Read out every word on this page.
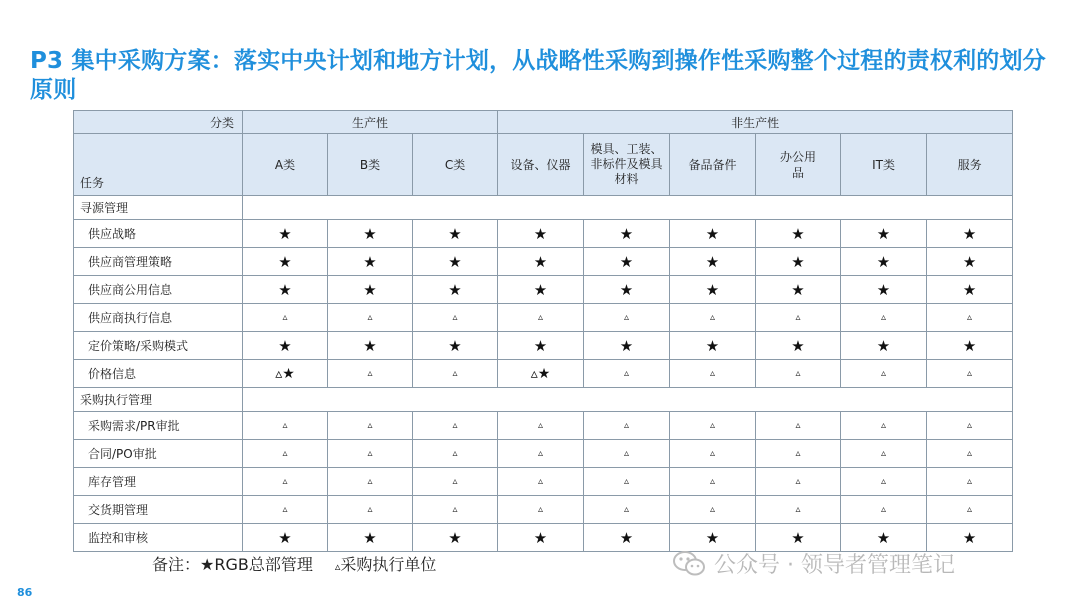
P3 集中采购方案：落实中央计划和地方计划，从战略性采购到操作性采购整个过程的责权利的划分原则
分类	生产性			非生产性					
任务	A类	B类	C类	设备、仪器	模具、工装、非标件及模具材料	备品备件	办公用品	IT类	服务
寻源管理									
供应战略	★	★	★	★	★	★	★	★	★
供应商管理策略	★	★	★	★	★	★	★	★	★
供应商公用信息	★	★	★	★	★	★	★	★	★
供应商执行信息	▵	▵	▵	▵	▵	▵	▵	▵	▵
定价策略/采购模式	★	★	★	★	★	★	★	★	★
价格信息	▵★	▵	▵	▵★	▵	▵	▵	▵	▵
采购执行管理									
采购需求/PR审批	▵	▵	▵	▵	▵	▵	▵	▵	▵
合同/PO审批	▵	▵	▵	▵	▵	▵	▵	▵	▵
库存管理	▵	▵	▵	▵	▵	▵	▵	▵	▵
交货期管理	▵	▵	▵	▵	▵	▵	▵	▵	▵
监控和审核	★	★	★	★	★	★	★	★	★
备注：★RGB总部管理 ▵采购执行单位	公众号 · 领导者管理笔记
86
